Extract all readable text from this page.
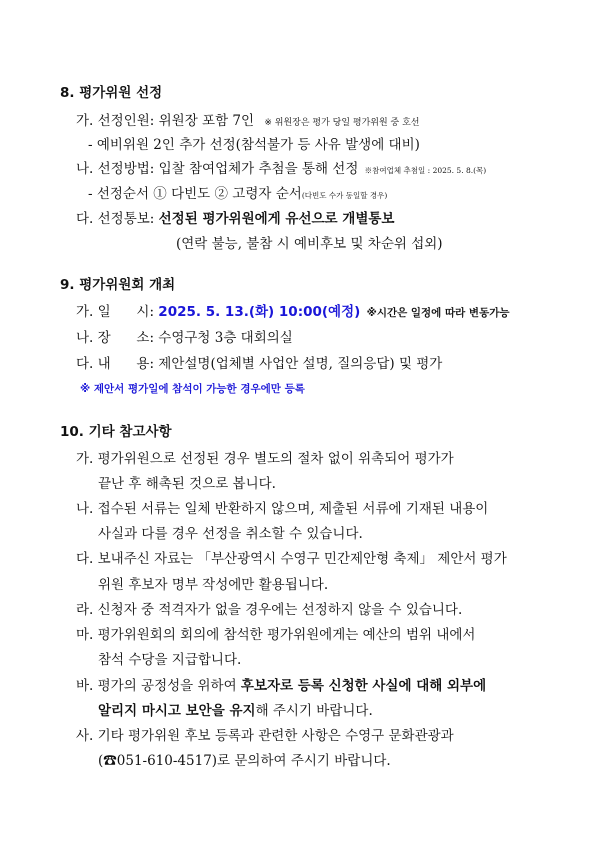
8. 평가위원 선정
가. 선정인원: 위원장 포함 7인 ※ 위원장은 평가 당일 평가위원 중 호선
- 예비위원 2인 추가 선정(참석불가 등 사유 발생에 대비)
나. 선정방법: 입찰 참여업체가 추첨을 통해 선정 ※참여업체 추첨일 : 2025. 5. 8.(목)
- 선정순서 ① 다빈도 ② 고령자 순서(다빈도 수가 동일할 경우)
다. 선정통보: 선정된 평가위원에게 유선으로 개별통보
(연락 불능, 불참 시 예비후보 및 차순위 섭외)
9. 평가위원회 개최
가. 일      시: 2025. 5. 13.(화) 10:00(예정) ※시간은 일정에 따라 변동가능
나. 장      소: 수영구청 3층 대회의실
다. 내      용: 제안설명(업체별 사업안 설명, 질의응답) 및 평가
※ 제안서 평가일에 참석이 가능한 경우에만 등록
10. 기타 참고사항
가. 평가위원으로 선정된 경우 별도의 절차 없이 위촉되어 평가가
끝난 후 해촉된 것으로 봅니다.
나. 접수된 서류는 일체 반환하지 않으며, 제출된 서류에 기재된 내용이
사실과 다를 경우 선정을 취소할 수 있습니다.
다. 보내주신 자료는 「부산광역시 수영구 민간제안형 축제」 제안서 평가
위원 후보자 명부 작성에만 활용됩니다.
라. 신청자 중 적격자가 없을 경우에는 선정하지 않을 수 있습니다.
마. 평가위원회의 회의에 참석한 평가위원에게는 예산의 범위 내에서
참석 수당을 지급합니다.
바. 평가의 공정성을 위하여 후보자로 등록 신청한 사실에 대해 외부에
알리지 마시고 보안을 유지해 주시기 바랍니다.
사. 기타 평가위원 후보 등록과 관련한 사항은 수영구 문화관광과
(☎051-610-4517)로 문의하여 주시기 바랍니다.
